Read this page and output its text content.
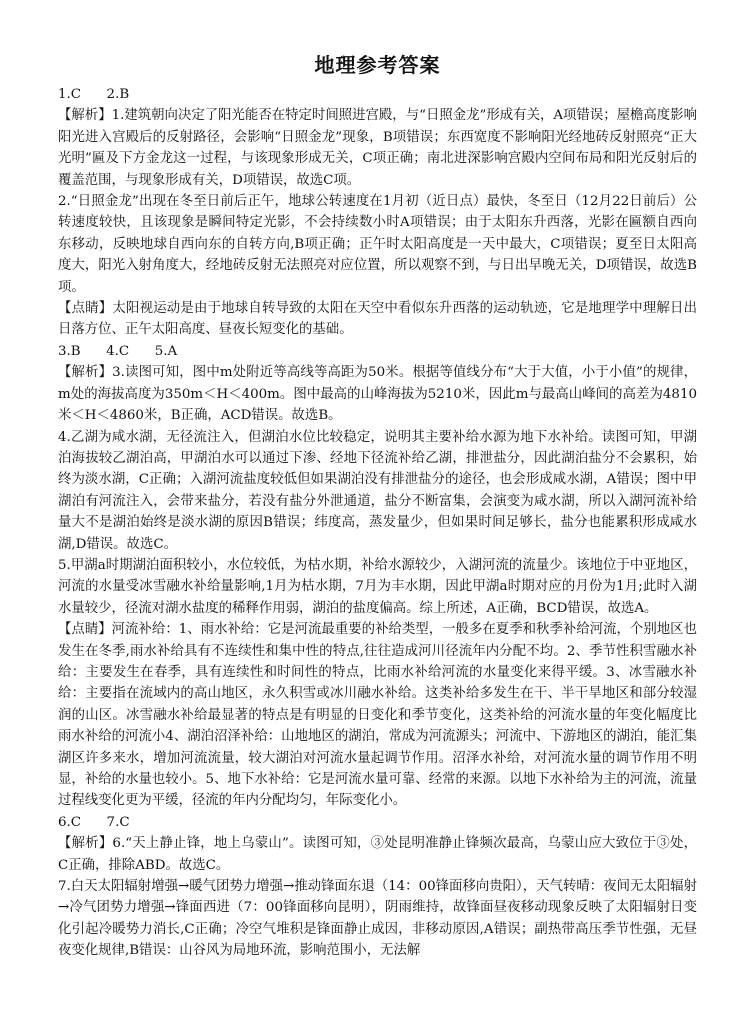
地理参考答案

1.C      2.B

【解析】1.建筑朝向决定了阳光能否在特定时间照进宫殿，与“日照金龙”形成有关，A项错误；屋檐高度影响阳光进入宫殿后的反射路径，会影响“日照金龙”现象，B项错误；东西宽度不影响阳光经地砖反射照亮“正大光明”匾及下方金龙这一过程，与该现象形成无关，C项正确；南北进深影响宫殿内空间布局和阳光反射后的覆盖范围，与现象形成有关，D项错误，故选C项。

2.“日照金龙”出现在冬至日前后正午，地球公转速度在1月初（近日点）最快，冬至日（12月22日前后）公转速度较快，且该现象是瞬间特定光影，不会持续数小时A项错误；由于太阳东升西落，光影在匾额自西向东移动，反映地球自西向东的自转方向,B项正确；正午时太阳高度是一天中最大，C项错误；夏至日太阳高度大，阳光入射角度大，经地砖反射无法照亮对应位置，所以观察不到，与日出早晚无关，D项错误，故选B项。

【点睛】太阳视运动是由于地球自转导致的太阳在天空中看似东升西落的运动轨迹，它是地理学中理解日出日落方位、正午太阳高度、昼夜长短变化的基础。

3.B      4.C      5.A

【解析】3.读图可知，图中m处附近等高线等高距为50米。根据等值线分布“大于大值，小于小值”的规律，m处的海拔高度为350m＜H＜400m。图中最高的山峰海拔为5210米，因此m与最高山峰间的高差为4810米＜H＜4860米，B正确，ACD错误。故选B。

4.乙湖为咸水湖，无径流注入，但湖泊水位比较稳定，说明其主要补给水源为地下水补给。读图可知，甲湖泊海拔较乙湖泊高，甲湖泊水可以通过下渗、经地下径流补给乙湖，排泄盐分，因此湖泊盐分不会累积，始终为淡水湖，C正确；入湖河流盐度较低但如果湖泊没有排泄盐分的途径，也会形成咸水湖，A错误；图中甲湖泊有河流注入，会带来盐分，若没有盐分外泄通道，盐分不断富集，会演变为咸水湖，所以入湖河流补给量大不是湖泊始终是淡水湖的原因B错误；纬度高，蒸发量少，但如果时间足够长，盐分也能累积形成咸水湖,D错误。故选C。

5.甲湖a时期湖泊面积较小，水位较低，为枯水期，补给水源较少，入湖河流的流量少。该地位于中亚地区，河流的水量受冰雪融水补给量影响,1月为枯水期，7月为丰水期，因此甲湖a时期对应的月份为1月;此时入湖水量较少，径流对湖水盐度的稀释作用弱，湖泊的盐度偏高。综上所述，A正确，BCD错误，故选A。

【点睛】河流补给：1、雨水补给：它是河流最重要的补给类型，一般多在夏季和秋季补给河流，个别地区也发生在冬季,雨水补给具有不连续性和集中性的特点,往往造成河川径流年内分配不均。2、季节性积雪融水补给：主要发生在春季，具有连续性和时间性的特点，比雨水补给河流的水量变化来得平缓。3、冰雪融水补给：主要指在流域内的高山地区，永久积雪或冰川融水补给。这类补给多发生在干、半干旱地区和部分较湿润的山区。冰雪融水补给最显著的特点是有明显的日变化和季节变化，这类补给的河流水量的年变化幅度比雨水补给的河流小4、湖泊沼泽补给：山地地区的湖泊，常成为河流源头；河流中、下游地区的湖泊，能汇集湖区许多来水，增加河流流量，较大湖泊对河流水量起调节作用。沼泽水补给，对河流水量的调节作用不明显，补给的水量也较小。5、地下水补给：它是河流水量可靠、经常的来源。以地下水补给为主的河流，流量过程线变化更为平缓，径流的年内分配均匀，年际变化小。

6.C      7.C

【解析】6.“天上静止锋，地上乌蒙山”。读图可知，③处昆明准静止锋频次最高，乌蒙山应大致位于③处，C正确，排除ABD。故选C。

7.白天太阳辐射增强→暖气团势力增强→推动锋面东退（14：00锋面移向贵阳），天气转晴：夜间无太阳辐射→冷气团势力增强→锋面西进（7：00锋面移向昆明），阴雨维持，故锋面昼夜移动现象反映了太阳辐射日变化引起冷暖势力消长,C正确；冷空气堆积是锋面静止成因，非移动原因,A错误；副热带高压季节性强，无昼夜变化规律,B错误：山谷风为局地环流，影响范围小，无法解
